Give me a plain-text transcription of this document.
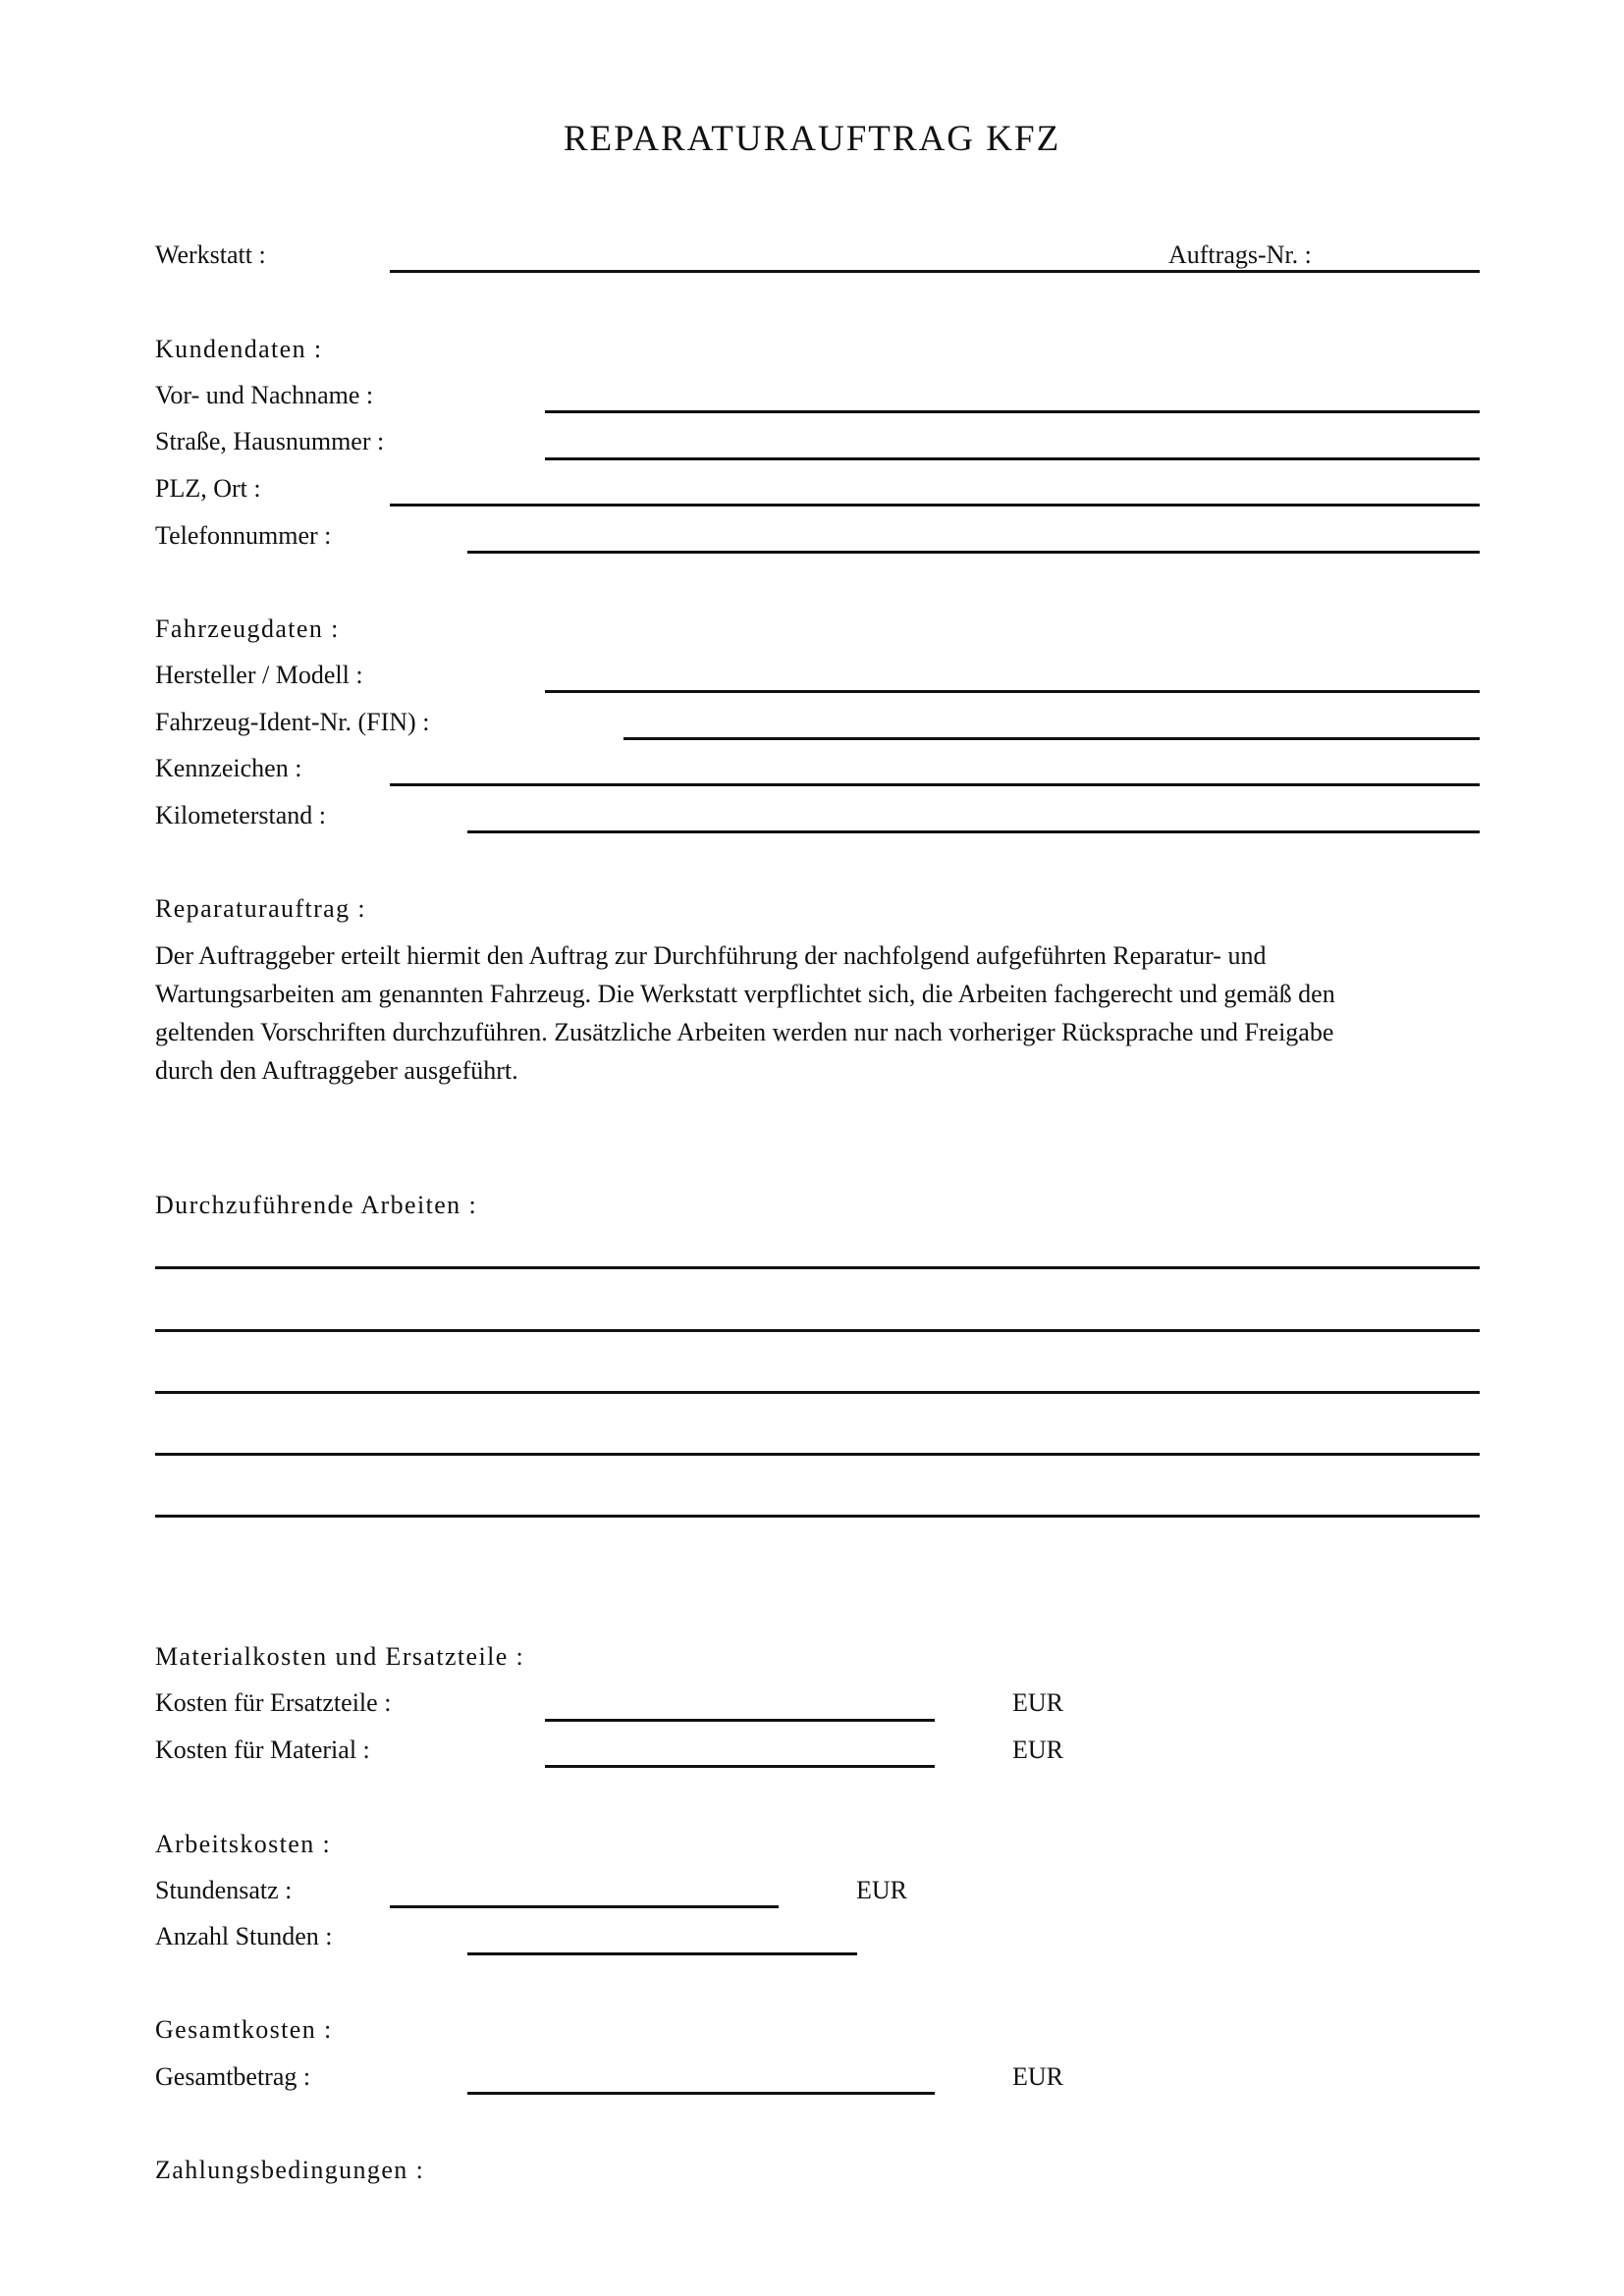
REPARATURAUFTRAG KFZ
Werkstatt :	Auftrags-Nr. :
Kundendaten :
Vor- und Nachname :
Straße, Hausnummer :
PLZ, Ort :
Telefonnummer :
Fahrzeugdaten :
Hersteller / Modell :
Fahrzeug-Ident-Nr. (FIN) :
Kennzeichen :
Kilometerstand :
Reparaturauftrag :

Der Auftraggeber erteilt hiermit den Auftrag zur Durchführung der nachfolgend aufgeführten Reparatur- und

Wartungsarbeiten am genannten Fahrzeug. Die Werkstatt verpflichtet sich, die Arbeiten fachgerecht und gemäß den

geltenden Vorschriften durchzuführen. Zusätzliche Arbeiten werden nur nach vorheriger Rücksprache und Freigabe

durch den Auftraggeber ausgeführt.

Durchzuführende Arbeiten :
Materialkosten und Ersatzteile :
Kosten für Ersatzteile :	EUR
Kosten für Material :	EUR
Arbeitskosten :
Stundensatz :	EUR
Anzahl Stunden :
Gesamtkosten :
Gesamtbetrag :	EUR
Zahlungsbedingungen :
